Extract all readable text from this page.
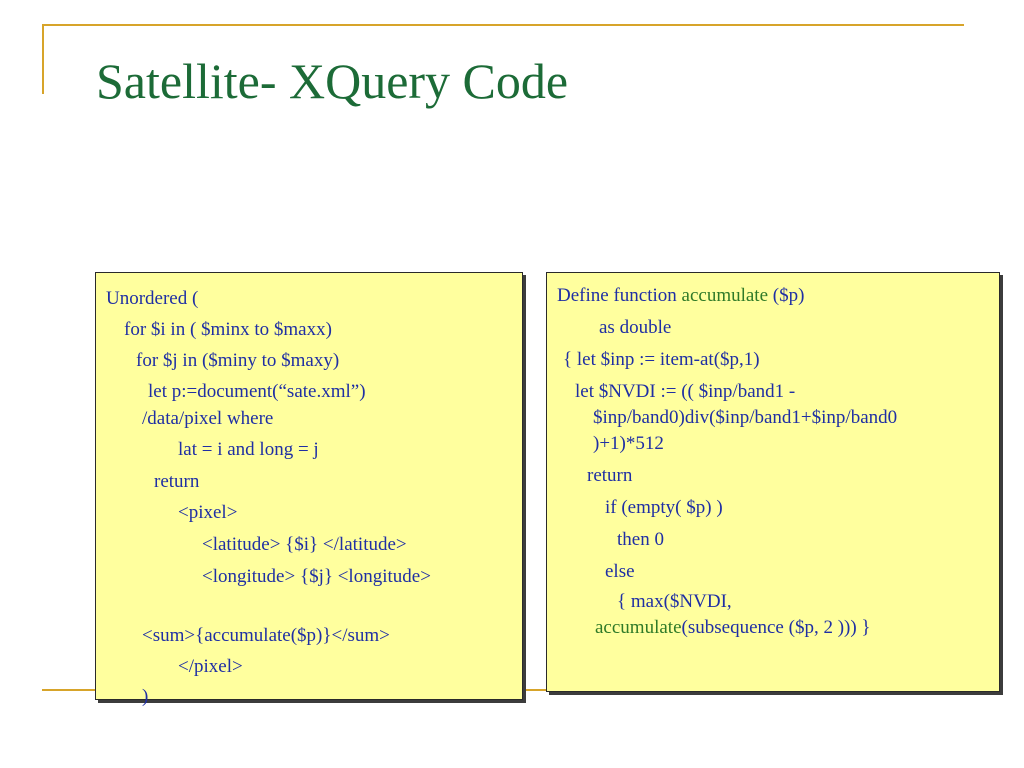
Satellite- XQuery Code
Unordered (
for $i in ( $minx to $maxx)
for $j in ($miny to $maxy)
let p:=document(“sate.xml”)
/data/pixel where
lat = i and long = j
return
<pixel>
<latitude> {$i} </latitude>
<longitude> {$j} <longitude>
<sum>{accumulate($p)}</sum>
</pixel>
)
Define function accumulate ($p)
as double
{ let $inp := item-at($p,1)
let $NVDI := (( $inp/band1 -
$inp/band0)div($inp/band1+$inp/band0
)+1)*512
return
if (empty( $p) )
then 0
else
{ max($NVDI,
accumulate(subsequence ($p, 2 ))) }
